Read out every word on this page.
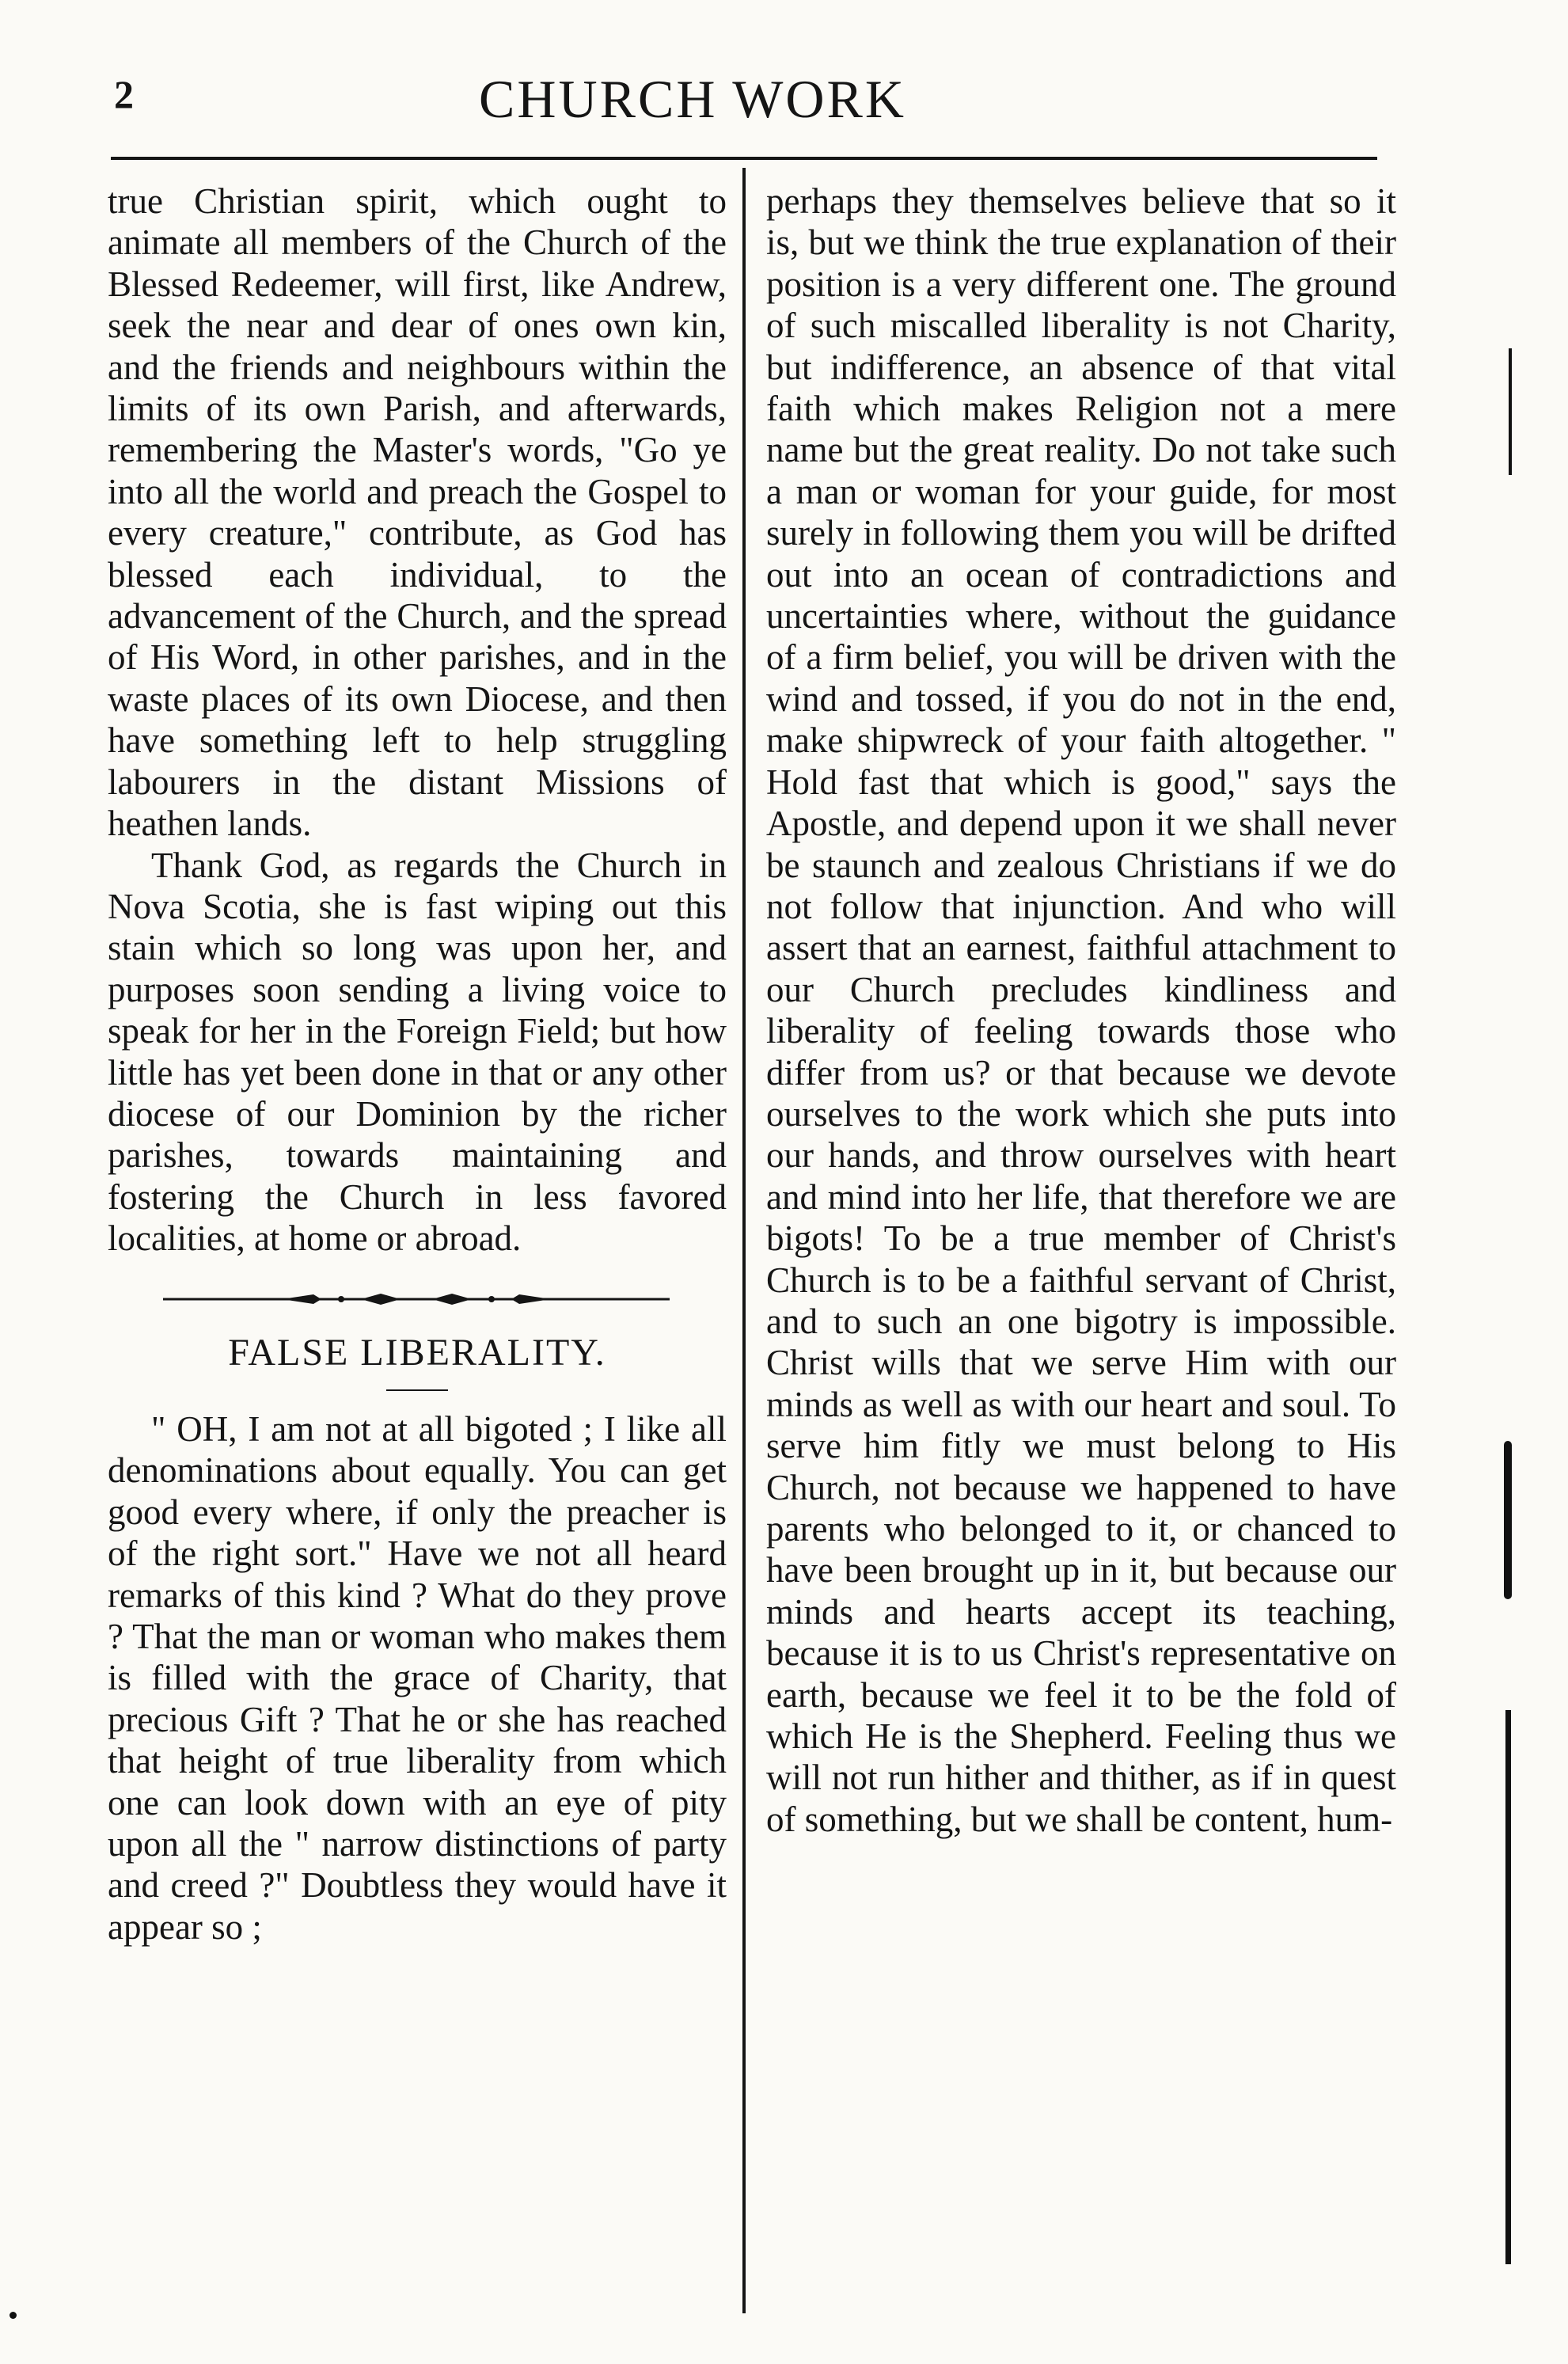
2	CHURCH WORK

true Christian spirit, which ought to animate all members of the Church of the Blessed Redeemer, will first, like Andrew, seek the near and dear of ones own kin, and the friends and neighbours within the limits of its own Parish, and afterwards, remembering the Master's words, "Go ye into all the world and preach the Gospel to every creature," contribute, as God has blessed each individual, to the advancement of the Church, and the spread of His Word, in other parishes, and in the waste places of its own Diocese, and then have something left to help struggling labourers in the distant Missions of heathen lands.

Thank God, as regards the Church in Nova Scotia, she is fast wiping out this stain which so long was upon her, and purposes soon sending a living voice to speak for her in the Foreign Field; but how little has yet been done in that or any other diocese of our Dominion by the richer parishes, towards maintaining and fostering the Church in less favored localities, at home or abroad.

FALSE LIBERALITY.

" OH, I am not at all bigoted ; I like all denominations about equally. You can get good every where, if only the preacher is of the right sort." Have we not all heard remarks of this kind ? What do they prove ? That the man or woman who makes them is filled with the grace of Charity, that precious Gift ? That he or she has reached that height of true liberality from which one can look down with an eye of pity upon all the " narrow distinctions of party and creed ?" Doubtless they would have it appear so ;

perhaps they themselves believe that so it is, but we think the true explanation of their position is a very different one. The ground of such miscalled liberality is not Charity, but indifference, an absence of that vital faith which makes Religion not a mere name but the great reality. Do not take such a man or woman for your guide, for most surely in following them you will be drifted out into an ocean of contradictions and uncertainties where, without the guidance of a firm belief, you will be driven with the wind and tossed, if you do not in the end, make shipwreck of your faith altogether. " Hold fast that which is good," says the Apostle, and depend upon it we shall never be staunch and zealous Christians if we do not follow that injunction. And who will assert that an earnest, faithful attachment to our Church precludes kindliness and liberality of feeling towards those who differ from us? or that because we devote ourselves to the work which she puts into our hands, and throw ourselves with heart and mind into her life, that therefore we are bigots! To be a true member of Christ's Church is to be a faithful servant of Christ, and to such an one bigotry is impossible. Christ wills that we serve Him with our minds as well as with our heart and soul. To serve him fitly we must belong to His Church, not because we happened to have parents who belonged to it, or chanced to have been brought up in it, but because our minds and hearts accept its teaching, because it is to us Christ's representative on earth, because we feel it to be the fold of which He is the Shepherd. Feeling thus we will not run hither and thither, as if in quest of something, but we shall be content, hum-
